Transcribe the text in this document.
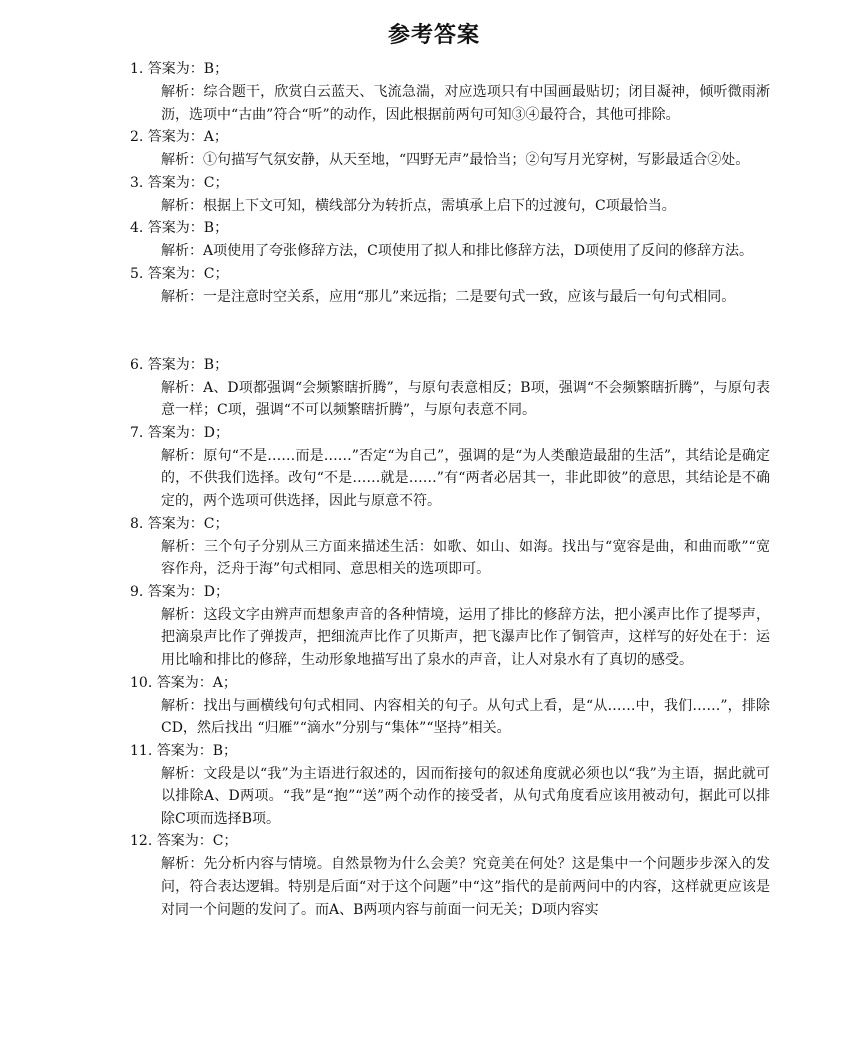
参考答案
1. 答案为：B；
解析：综合题干，欣赏白云蓝天、飞流急湍，对应选项只有中国画最贴切；闭目凝神，倾听微雨淅沥，选项中“古曲”符合“听”的动作，因此根据前两句可知③④最符合，其他可排除。
2. 答案为：A；
解析：①句描写气氛安静，从天至地，“四野无声”最恰当；②句写月光穿树，写影最适合②处。
3. 答案为：C；
解析：根据上下文可知，横线部分为转折点，需填承上启下的过渡句，C项最恰当。
4. 答案为：B；
解析：A项使用了夸张修辞方法，C项使用了拟人和排比修辞方法，D项使用了反问的修辞方法。
5. 答案为：C；
解析：一是注意时空关系，应用“那儿”来远指；二是要句式一致，应该与最后一句句式相同。
6. 答案为：B；
解析：A、D项都强调“会频繁瞎折腾”，与原句表意相反；B项，强调“不会频繁瞎折腾”，与原句表意一样；C项，强调“不可以频繁瞎折腾”，与原句表意不同。
7. 答案为：D；
解析：原句“不是……而是……”否定“为自己”，强调的是“为人类酿造最甜的生活”，其结论是确定的，不供我们选择。改句“不是……就是……”有“两者必居其一，非此即彼”的意思，其结论是不确定的，两个选项可供选择，因此与原意不符。
8. 答案为：C；
解析：三个句子分别从三方面来描述生活：如歌、如山、如海。找出与“宽容是曲，和曲而歌”“宽容作舟，泛舟于海”句式相同、意思相关的选项即可。
9. 答案为：D；
解析：这段文字由辨声而想象声音的各种情境，运用了排比的修辞方法，把小溪声比作了提琴声，把滴泉声比作了弹拨声，把细流声比作了贝斯声，把飞瀑声比作了铜管声，这样写的好处在于：运用比喻和排比的修辞，生动形象地描写出了泉水的声音，让人对泉水有了真切的感受。
10. 答案为：A；
解析：找出与画横线句句式相同、内容相关的句子。从句式上看，是“从……中，我们……”，排除CD，然后找出 “归雁”“滴水”分别与“集体”“坚持”相关。
11. 答案为：B；
解析：文段是以“我”为主语进行叙述的，因而衔接句的叙述角度就必须也以“我”为主语，据此就可以排除A、D两项。“我”是“抱”“送”两个动作的接受者，从句式角度看应该用被动句，据此可以排除C项而选择B项。
12. 答案为：C；
解析：先分析内容与情境。自然景物为什么会美？究竟美在何处？这是集中一个问题步步深入的发问，符合表达逻辑。特别是后面“对于这个问题”中“这”指代的是前两问中的内容，这样就更应该是对同一个问题的发问了。而A、B两项内容与前面一问无关；D项内容实
